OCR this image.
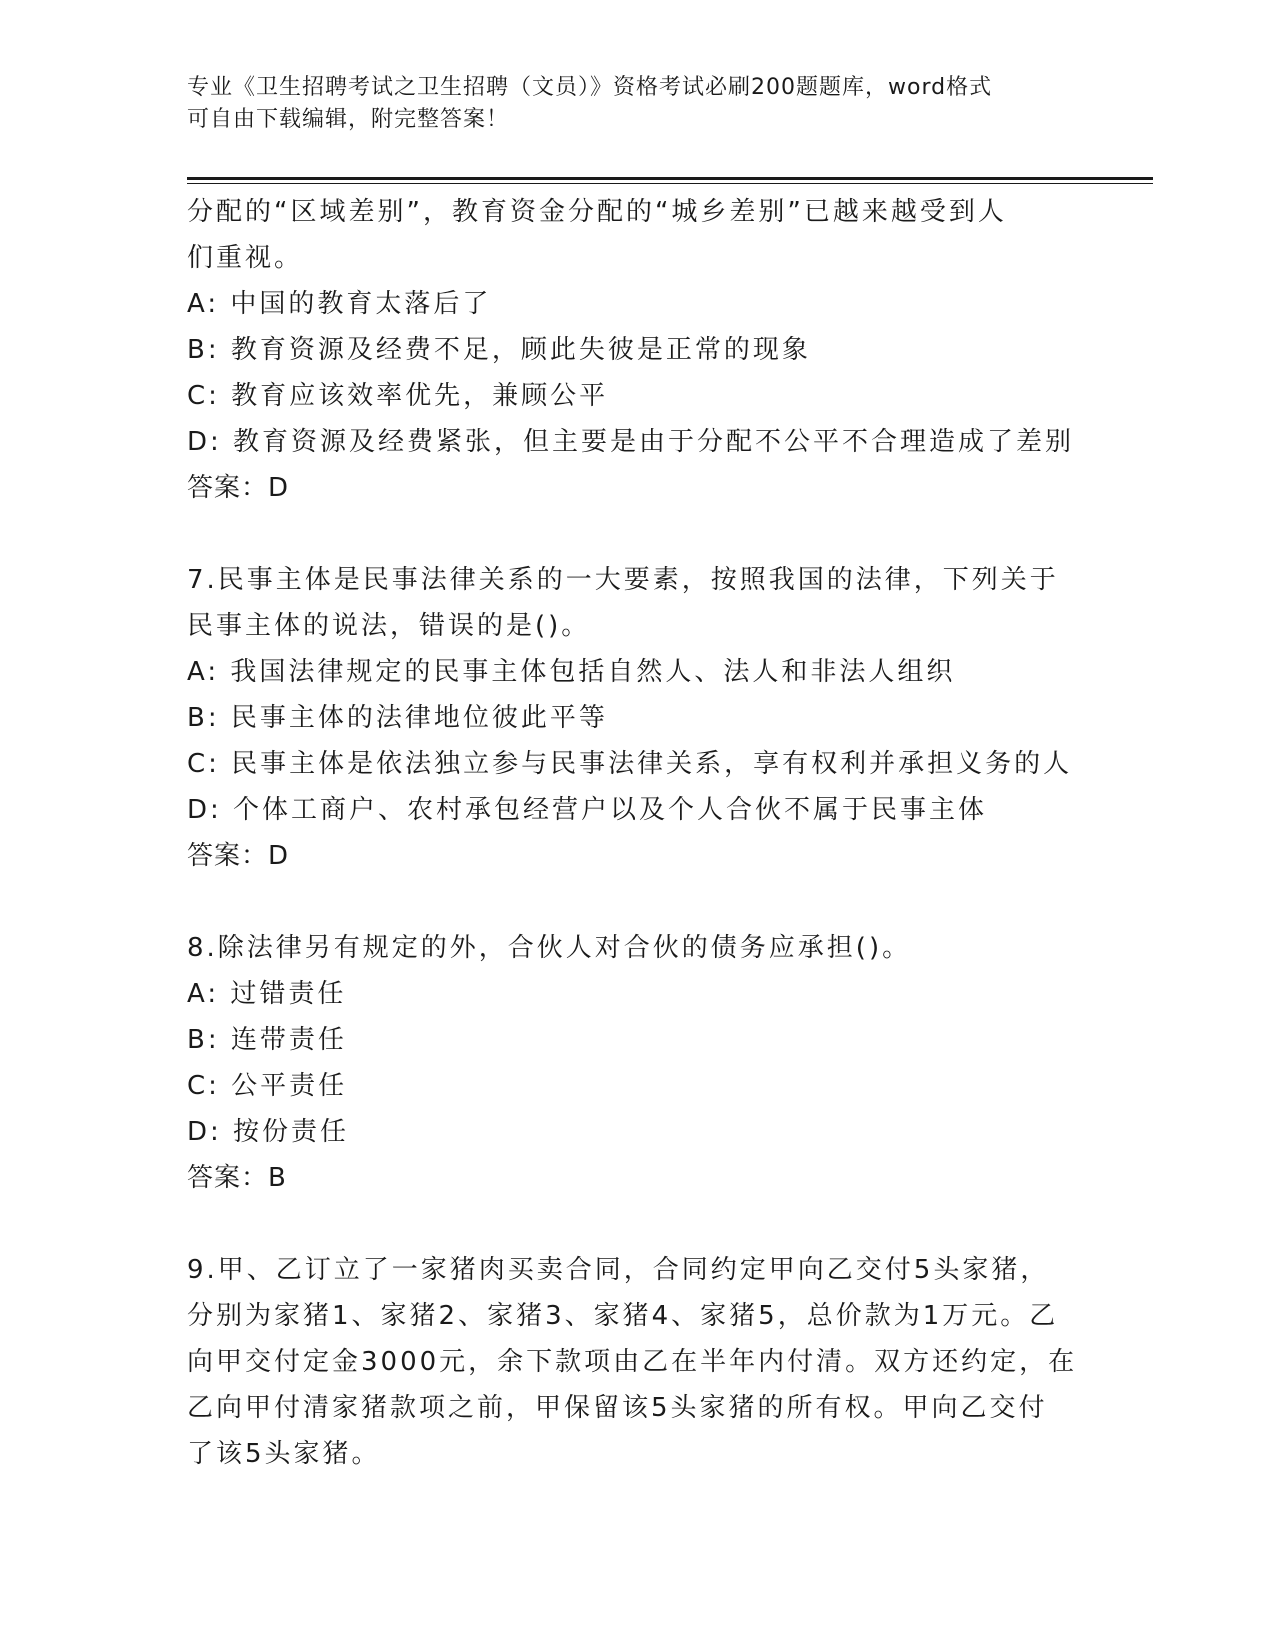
专业《卫生招聘考试之卫生招聘（文员）》资格考试必刷200题题库，word格式
可自由下载编辑，附完整答案！
分配的“区域差别”，教育资金分配的“城乡差别”已越来越受到人
们重视。
A: 中国的教育太落后了
B: 教育资源及经费不足，顾此失彼是正常的现象
C: 教育应该效率优先，兼顾公平
D: 教育资源及经费紧张，但主要是由于分配不公平不合理造成了差别
答案：D
7.民事主体是民事法律关系的一大要素，按照我国的法律，下列关于
民事主体的说法，错误的是()。
A: 我国法律规定的民事主体包括自然人、法人和非法人组织
B: 民事主体的法律地位彼此平等
C: 民事主体是依法独立参与民事法律关系，享有权利并承担义务的人
D: 个体工商户、农村承包经营户以及个人合伙不属于民事主体
答案：D
8.除法律另有规定的外，合伙人对合伙的债务应承担()。
A: 过错责任
B: 连带责任
C: 公平责任
D: 按份责任
答案：B
9.甲、乙订立了一家猪肉买卖合同，合同约定甲向乙交付5头家猪，
分别为家猪1、家猪2、家猪3、家猪4、家猪5，总价款为1万元。乙
向甲交付定金3000元，余下款项由乙在半年内付清。双方还约定，在
乙向甲付清家猪款项之前，甲保留该5头家猪的所有权。甲向乙交付
了该5头家猪。
